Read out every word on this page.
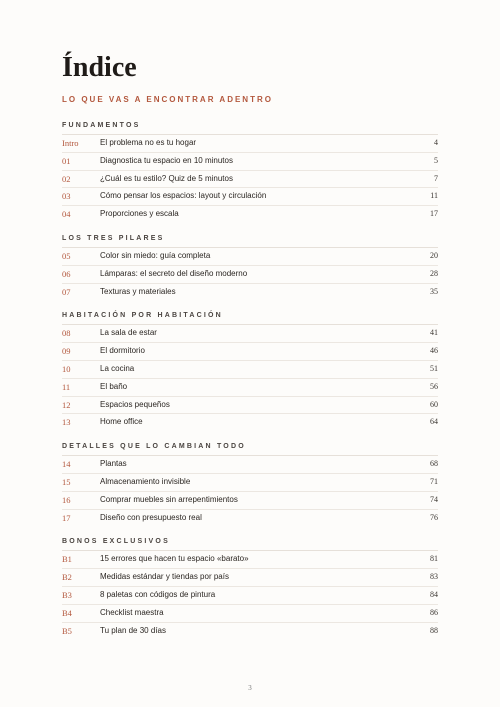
Índice
LO QUE VAS A ENCONTRAR ADENTRO
FUNDAMENTOS
Intro	El problema no es tu hogar	4
01	Diagnostica tu espacio en 10 minutos	5
02	¿Cuál es tu estilo? Quiz de 5 minutos	7
03	Cómo pensar los espacios: layout y circulación	11
04	Proporciones y escala	17
LOS TRES PILARES
05	Color sin miedo: guía completa	20
06	Lámparas: el secreto del diseño moderno	28
07	Texturas y materiales	35
HABITACIÓN POR HABITACIÓN
08	La sala de estar	41
09	El dormitorio	46
10	La cocina	51
11	El baño	56
12	Espacios pequeños	60
13	Home office	64
DETALLES QUE LO CAMBIAN TODO
14	Plantas	68
15	Almacenamiento invisible	71
16	Comprar muebles sin arrepentimientos	74
17	Diseño con presupuesto real	76
BONOS EXCLUSIVOS
B1	15 errores que hacen tu espacio «barato»	81
B2	Medidas estándar y tiendas por país	83
B3	8 paletas con códigos de pintura	84
B4	Checklist maestra	86
B5	Tu plan de 30 días	88
3
